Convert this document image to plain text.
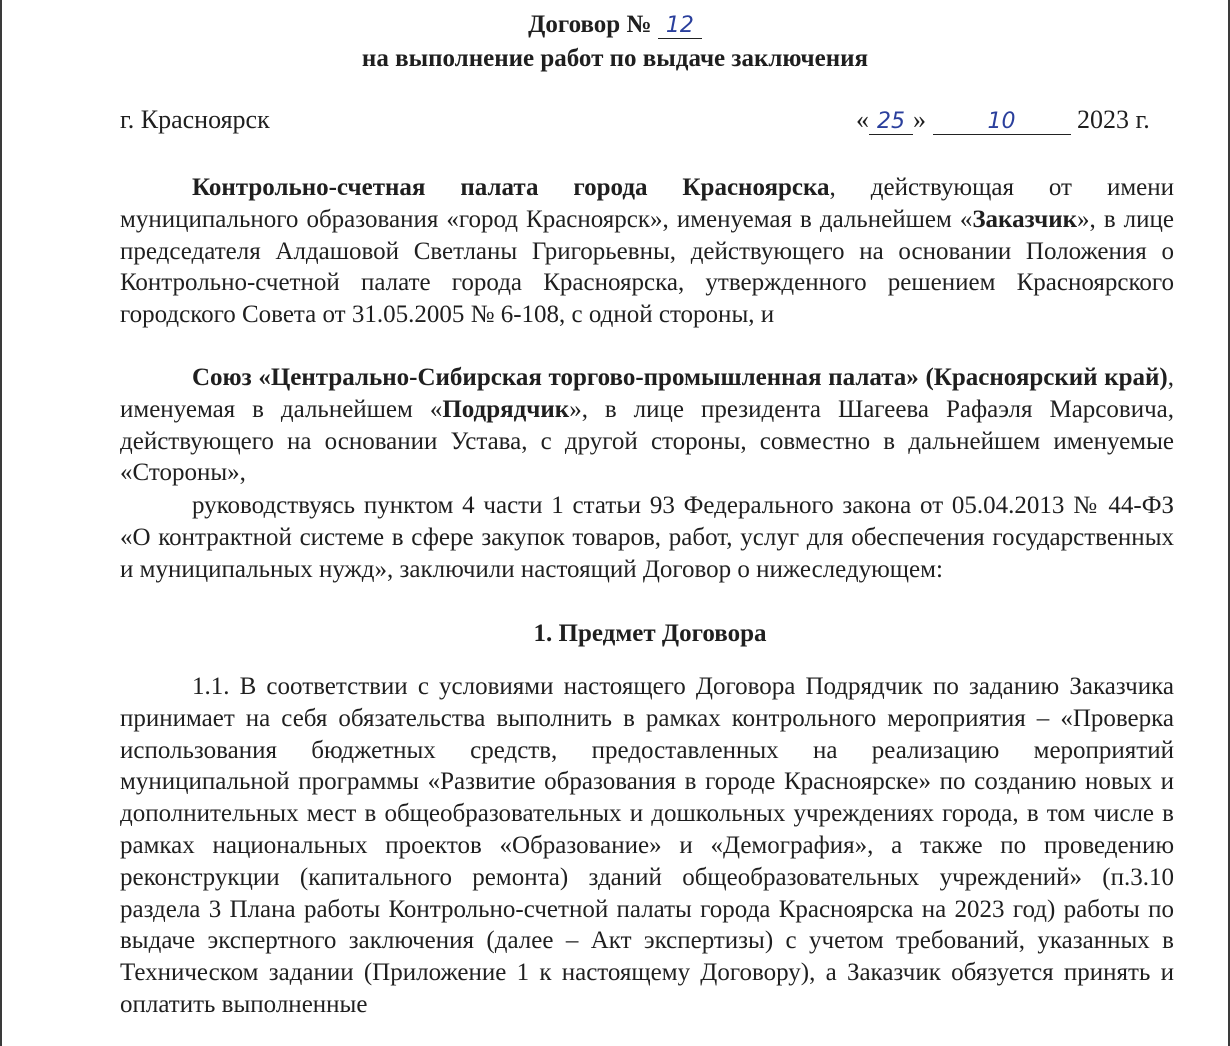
Договор № 12
на выполнение работ по выдаче заключения
г. Красноярск	« 25 »	10 2023 г.
Контрольно-счетная палата города Красноярска, действующая от имени муниципального образования «город Красноярск», именуемая в дальнейшем «Заказчик», в лице председателя Алдашовой Светланы Григорьевны, действующего на основании Положения о Контрольно-счетной палате города Красноярска, утвержденного решением Красноярского городского Совета от 31.05.2005 № 6-108, с одной стороны, и
Союз «Центрально-Сибирская торгово-промышленная палата» (Красноярский край), именуемая в дальнейшем «Подрядчик», в лице президента Шагеева Рафаэля Марсовича, действующего на основании Устава, с другой стороны, совместно в дальнейшем именуемые «Стороны»,
руководствуясь пунктом 4 части 1 статьи 93 Федерального закона от 05.04.2013 № 44-ФЗ «О контрактной системе в сфере закупок товаров, работ, услуг для обеспечения государственных и муниципальных нужд», заключили настоящий Договор о нижеследующем:
1. Предмет Договора
1.1. В соответствии с условиями настоящего Договора Подрядчик по заданию Заказчика принимает на себя обязательства выполнить в рамках контрольного мероприятия – «Проверка использования бюджетных средств, предоставленных на реализацию мероприятий муниципальной программы «Развитие образования в городе Красноярске» по созданию новых и дополнительных мест в общеобразовательных и дошкольных учреждениях города, в том числе в рамках национальных проектов «Образование» и «Демография», а также по проведению реконструкции (капитального ремонта) зданий общеобразовательных учреждений» (п.3.10 раздела 3 Плана работы Контрольно-счетной палаты города Красноярска на 2023 год) работы по выдаче экспертного заключения (далее – Акт экспертизы) с учетом требований, указанных в Техническом задании (Приложение 1 к настоящему Договору), а Заказчик обязуется принять и оплатить выполненные
